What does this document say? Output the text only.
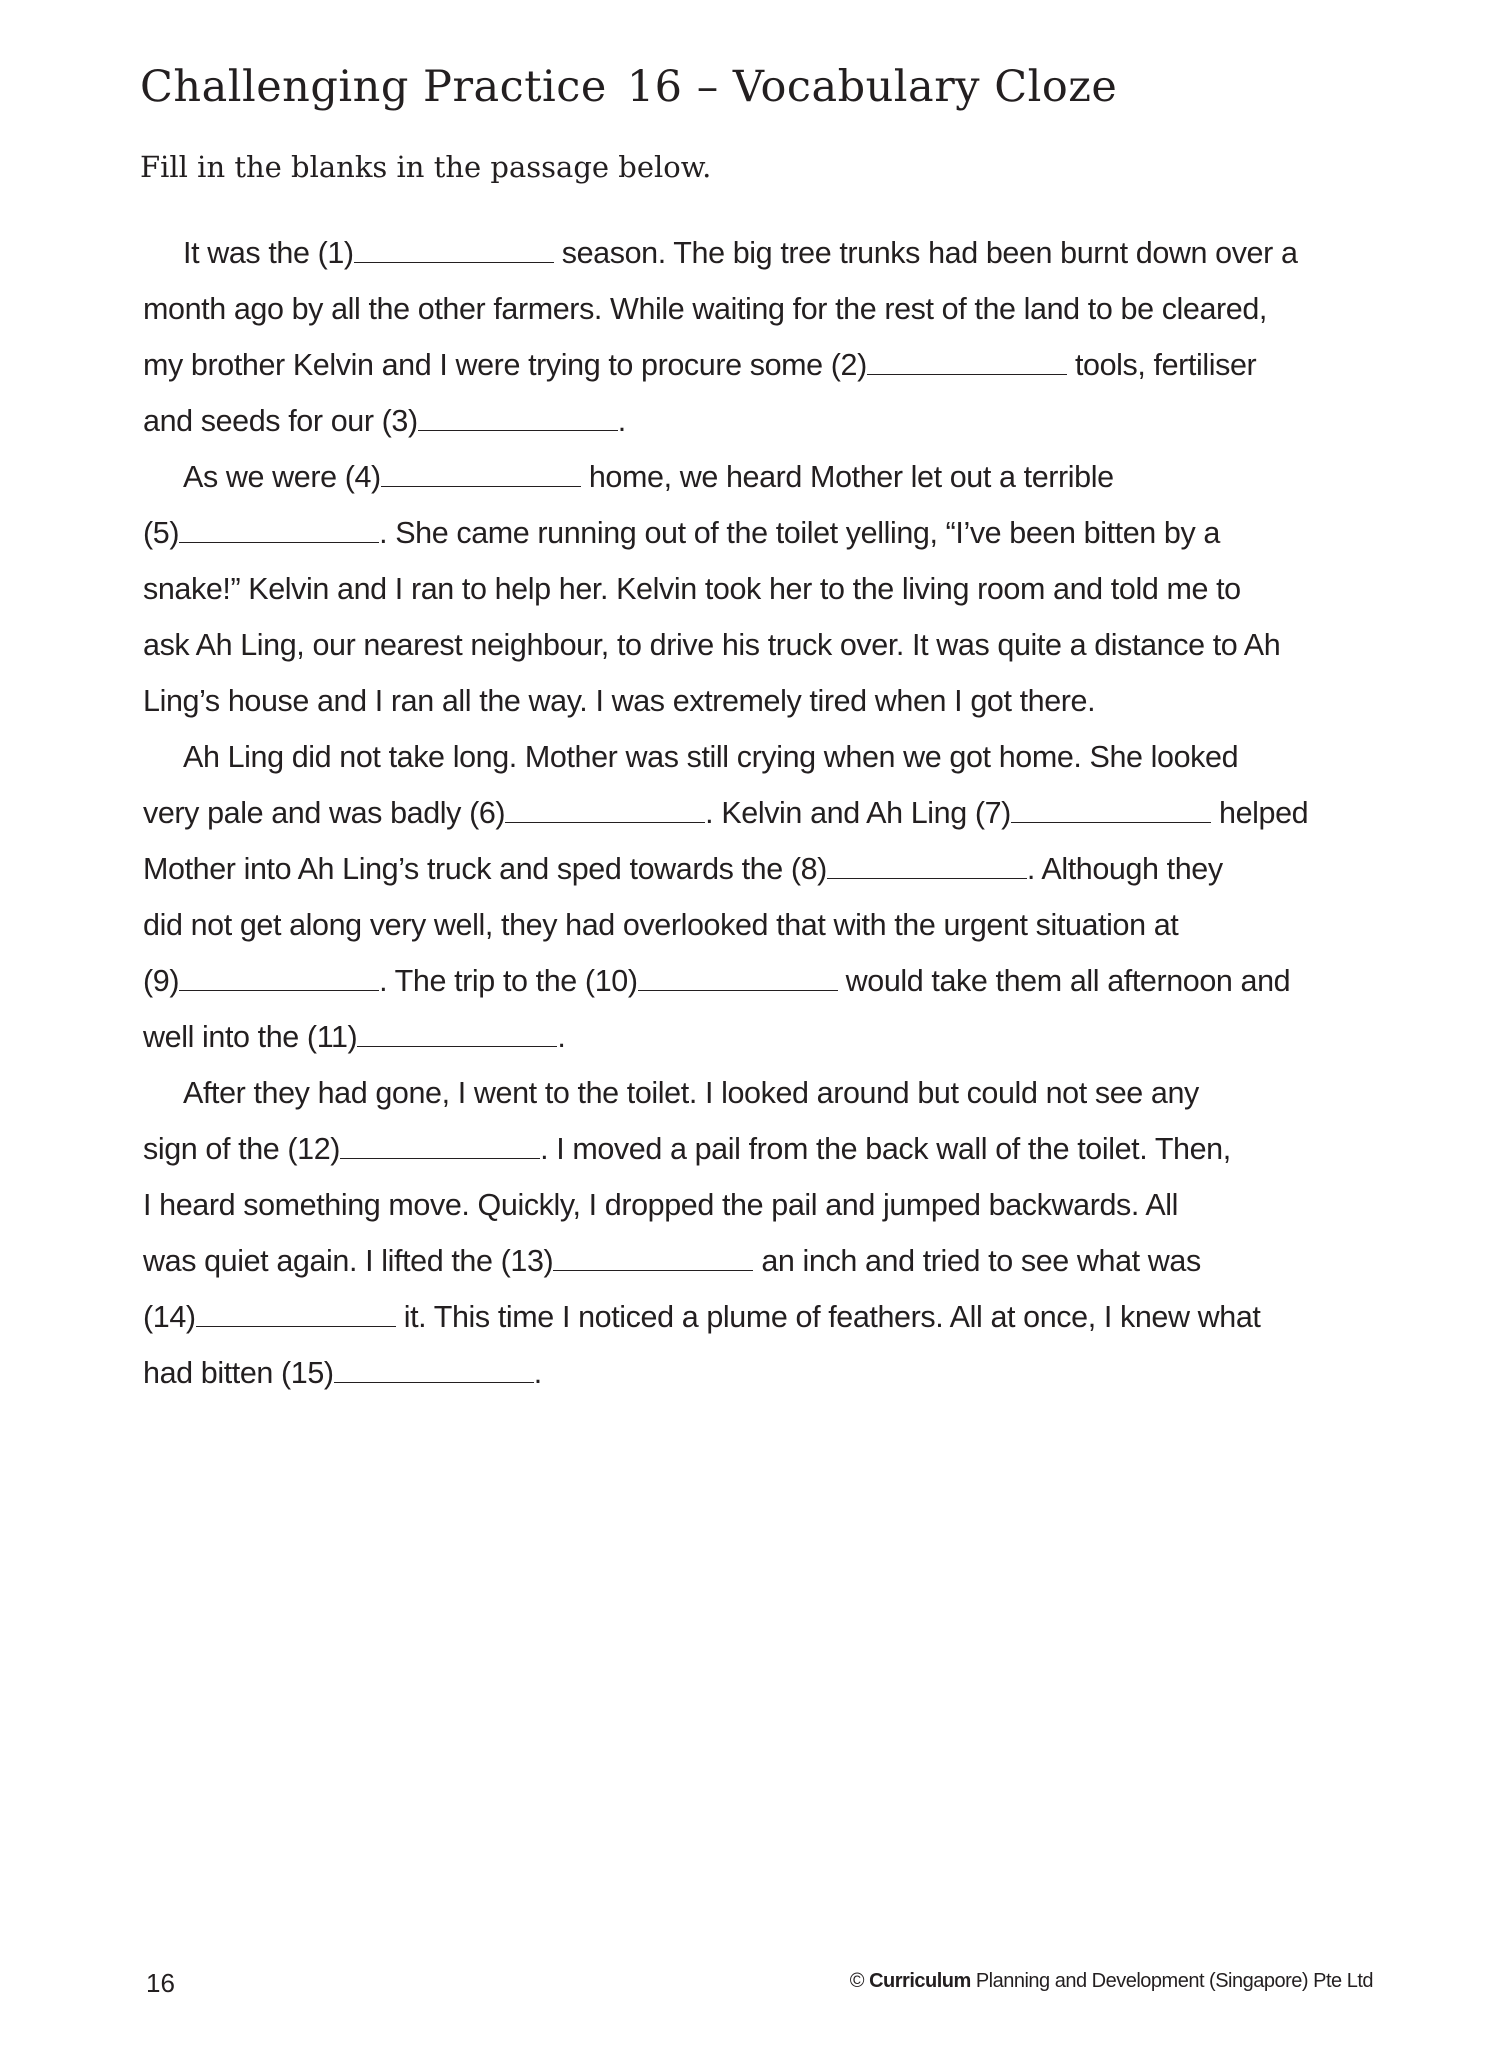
Challenging Practice 16 – Vocabulary Cloze
Fill in the blanks in the passage below.
It was the (1)	season. The big tree trunks had been burnt down over a
month ago by all the other farmers. While waiting for the rest of the land to be cleared,
my brother Kelvin and I were trying to procure some (2)	tools, fertiliser
and seeds for our (3)	.
As we were (4)	home, we heard Mother let out a terrible
(5)	. She came running out of the toilet yelling, “I’ve been bitten by a
snake!” Kelvin and I ran to help her. Kelvin took her to the living room and told me to
ask Ah Ling, our nearest neighbour, to drive his truck over. It was quite a distance to Ah
Ling’s house and I ran all the way. I was extremely tired when I got there.
Ah Ling did not take long. Mother was still crying when we got home. She looked
very pale and was badly (6)	. Kelvin and Ah Ling (7)	helped
Mother into Ah Ling’s truck and sped towards the (8)	. Although they
did not get along very well, they had overlooked that with the urgent situation at
(9)	. The trip to the (10)	would take them all afternoon and
well into the (11)	.
After they had gone, I went to the toilet. I looked around but could not see any
sign of the (12)	. I moved a pail from the back wall of the toilet. Then,
I heard something move. Quickly, I dropped the pail and jumped backwards. All
was quiet again. I lifted the (13)	an inch and tried to see what was
(14)	it. This time I noticed a plume of feathers. All at once, I knew what
had bitten (15)	.
16	© Curriculum Planning and Development (Singapore) Pte Ltd
